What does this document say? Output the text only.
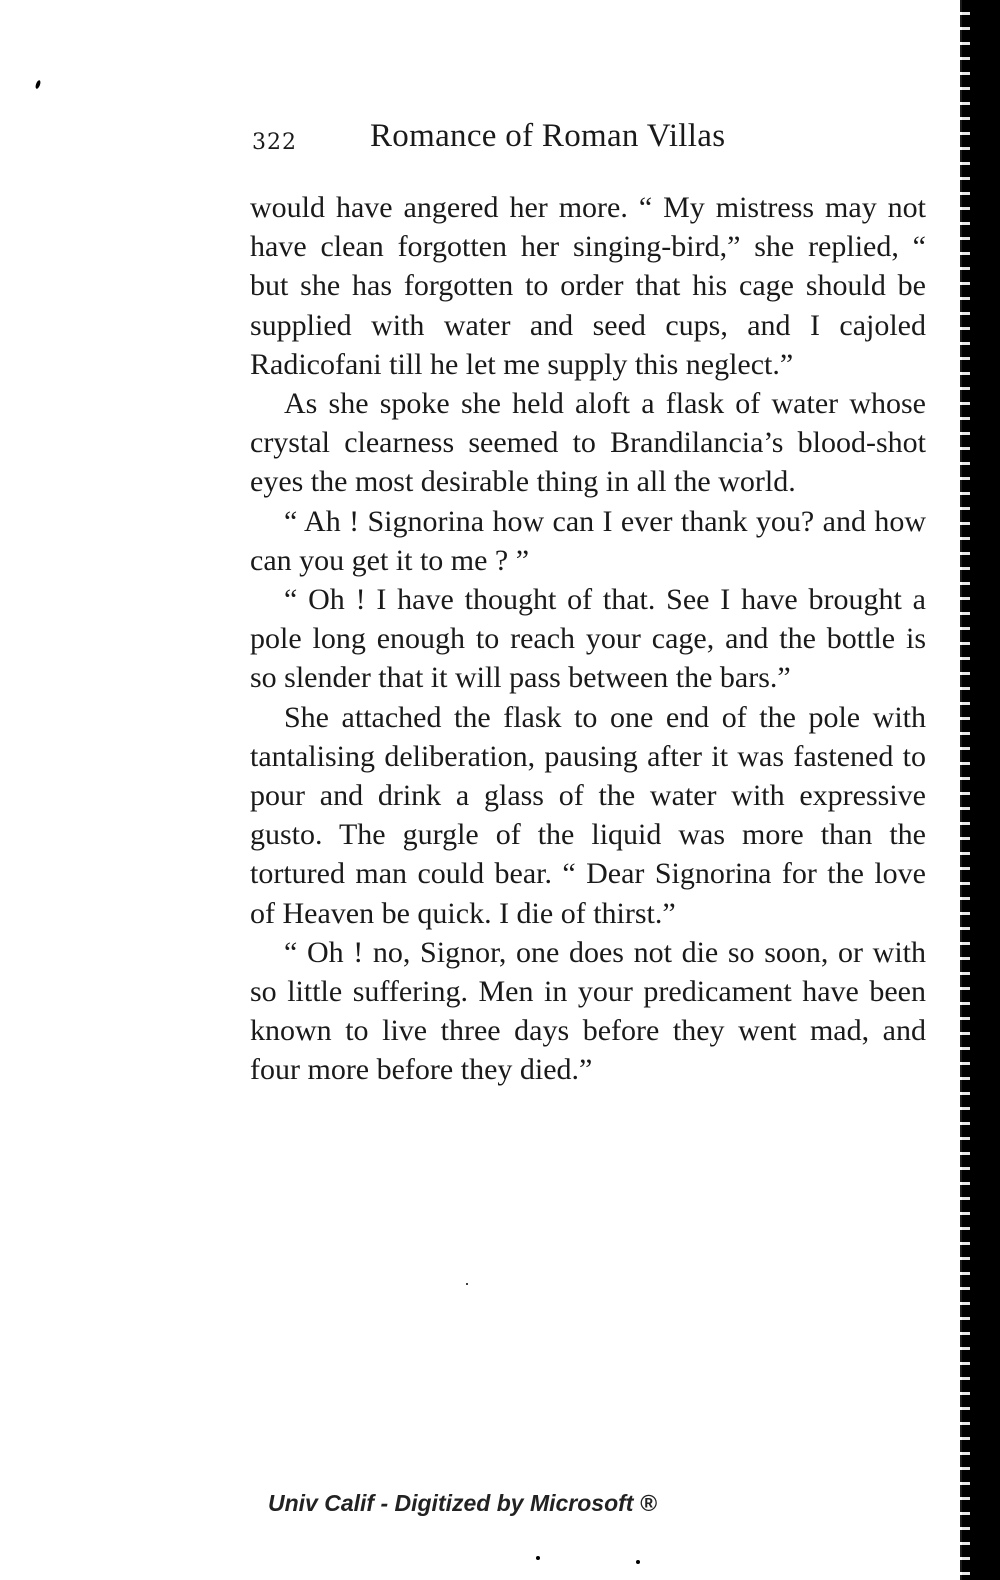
322 Romance of Roman Villas

would have angered her more. “ My mistress may not have clean forgotten her singing-bird,” she replied, “ but she has forgotten to order that his cage should be supplied with water and seed cups, and I cajoled Radicofani till he let me supply this neglect.”

As she spoke she held aloft a flask of water whose crystal clearness seemed to Brandilancia’s blood-shot eyes the most desirable thing in all the world.

“ Ah ! Signorina how can I ever thank you? and how can you get it to me ? ”

“ Oh ! I have thought of that. See I have brought a pole long enough to reach your cage, and the bottle is so slender that it will pass between the bars.”

She attached the flask to one end of the pole with tantalising deliberation, pausing after it was fastened to pour and drink a glass of the water with expressive gusto. The gurgle of the liquid was more than the tortured man could bear. “ Dear Signorina for the love of Heaven be quick. I die of thirst.”

“ Oh ! no, Signor, one does not die so soon, or with so little suffering. Men in your predicament have been known to live three days before they went mad, and four more before they died.”

Univ Calif - Digitized by Microsoft ®
